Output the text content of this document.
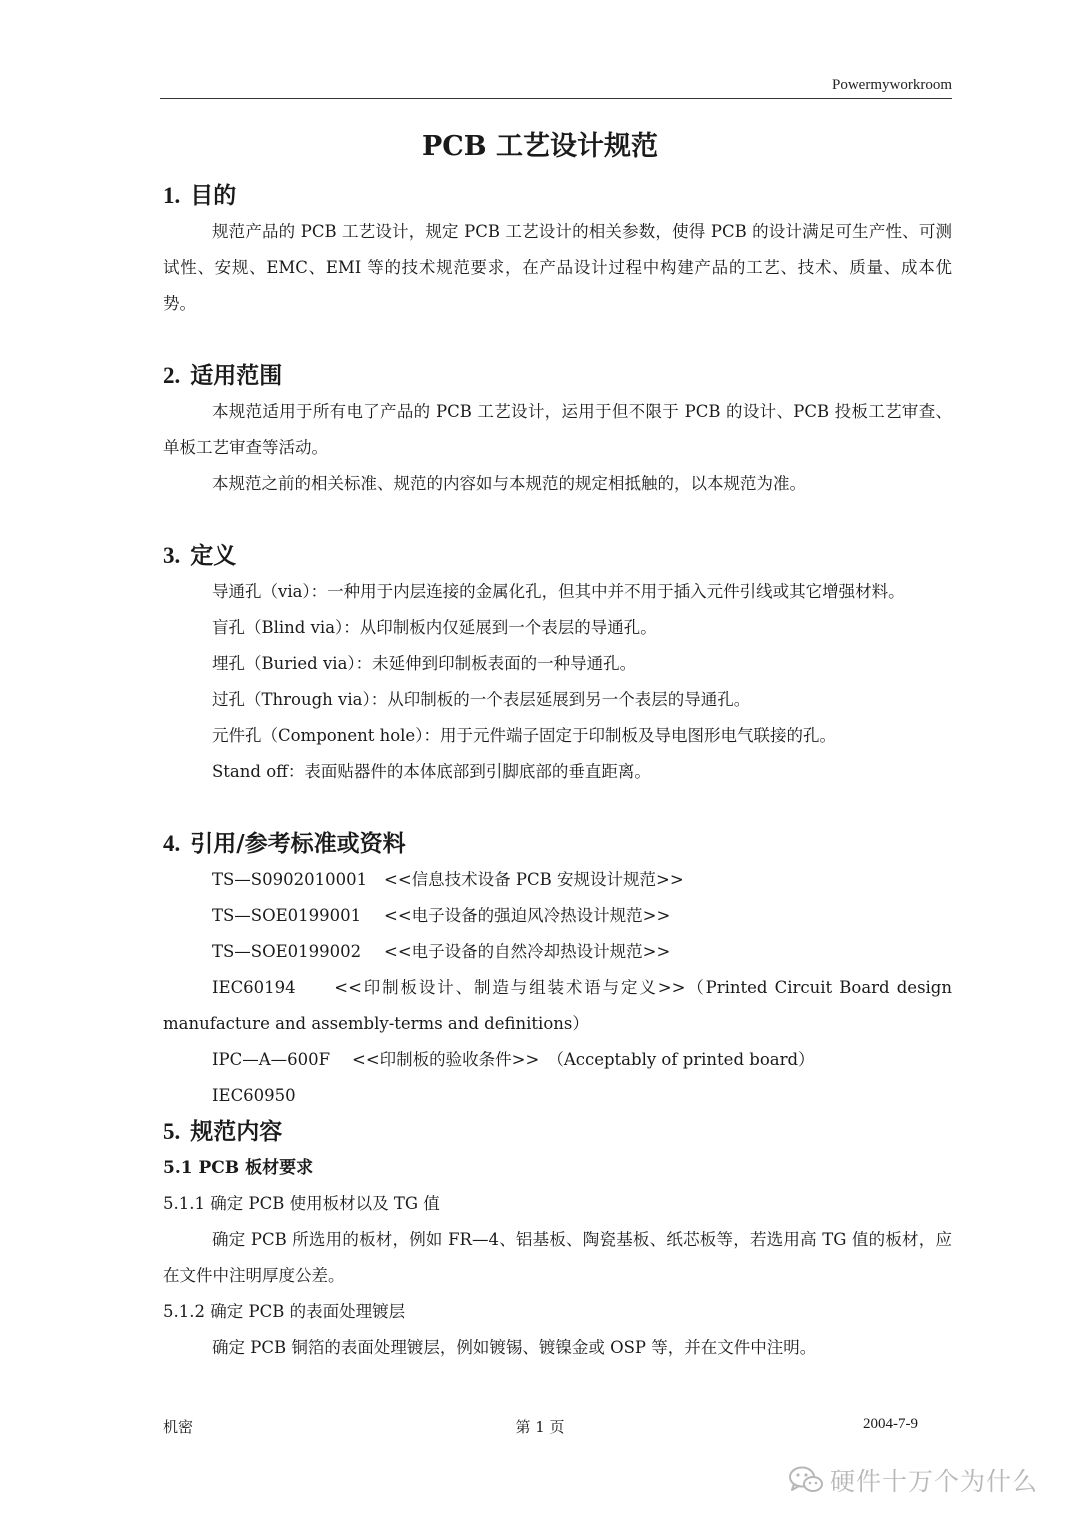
Powermyworkroom
PCB 工艺设计规范
1. 目的

规范产品的 PCB 工艺设计，规定 PCB 工艺设计的相关参数，使得 PCB 的设计满足可生产性、可测试性、安规、EMC、EMI 等的技术规范要求，在产品设计过程中构建产品的工艺、技术、质量、成本优势。

2. 适用范围

本规范适用于所有电了产品的 PCB 工艺设计，运用于但不限于 PCB 的设计、PCB 投板工艺审查、单板工艺审查等活动。

本规范之前的相关标准、规范的内容如与本规范的规定相抵触的，以本规范为准。

3. 定义

导通孔（via）：一种用于内层连接的金属化孔，但其中并不用于插入元件引线或其它增强材料。

盲孔（Blind via）：从印制板内仅延展到一个表层的导通孔。

埋孔（Buried via）：未延伸到印制板表面的一种导通孔。

过孔（Through via）：从印制板的一个表层延展到另一个表层的导通孔。

元件孔（Component hole）：用于元件端子固定于印制板及导电图形电气联接的孔。

Stand off：表面贴器件的本体底部到引脚底部的垂直距离。

4. 引用/参考标准或资料
TS—S0902010001 <<信息技术设备 PCB 安规设计规范>>
TS—SOE0199001 <<电子设备的强迫风冷热设计规范>>
TS—SOE0199002 <<电子设备的自然冷却热设计规范>>

IEC60194　　<<印制板设计、制造与组装术语与定义>>（Printed Circuit Board design manufacture and assembly-terms and definitions）

IPC—A—600F <<印制板的验收条件>> （Acceptably of printed board）
IEC60950
5. 规范内容
5.1 PCB 板材要求
5.1.1 确定 PCB 使用板材以及 TG 值

确定 PCB 所选用的板材，例如 FR—4、铝基板、陶瓷基板、纸芯板等，若选用高 TG 值的板材，应在文件中注明厚度公差。

5.1.2 确定 PCB 的表面处理镀层

确定 PCB 铜箔的表面处理镀层，例如镀锡、镀镍金或 OSP 等，并在文件中注明。

机密	第 1 页	2004-7-9
硬件十万个为什么
